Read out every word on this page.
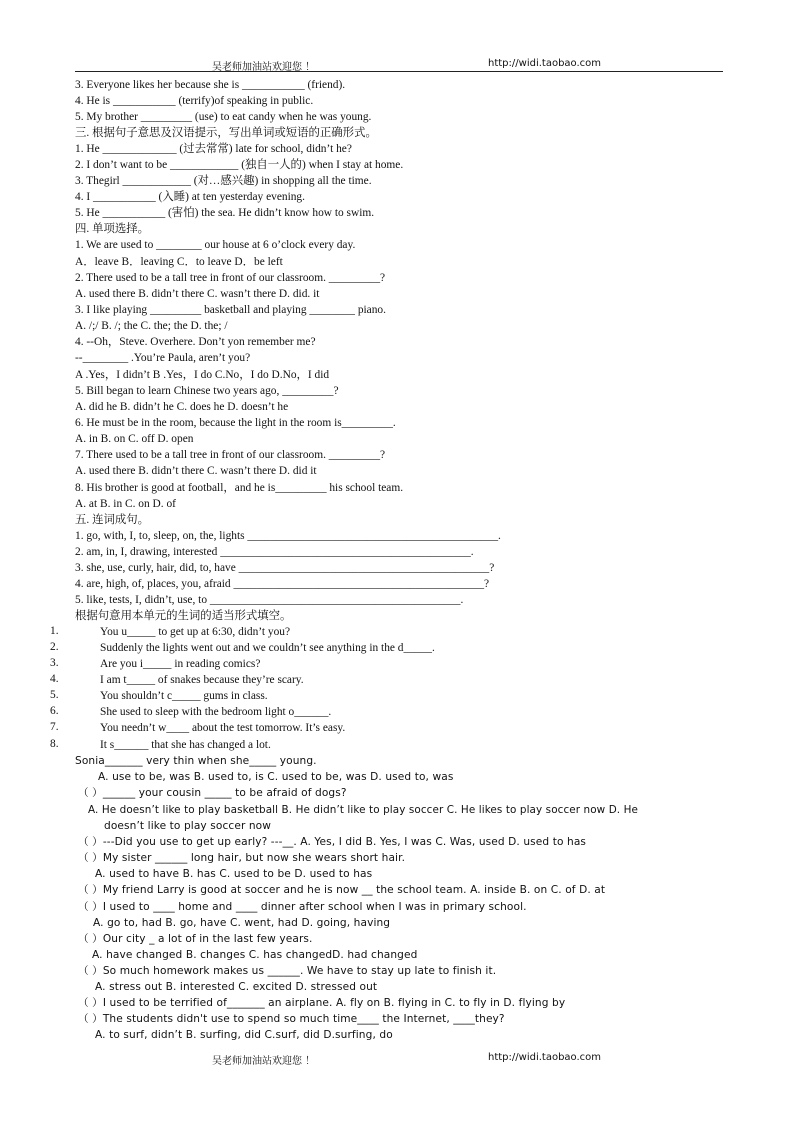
吴老师加油站欢迎您 ！	http://widi.taobao.com
3. Everyone likes her because she is ___________ (friend).
4. He is ___________ (terrify)of speaking in public.
5. My brother _________ (use) to eat candy when he was young.
三. 根据句子意思及汉语提示，写出单词或短语的正确形式。
1. He _____________ (过去常常) late for school, didn’t he?
2. I don’t want to be ____________ (独自一人的) when I stay at home.
3. Thegirl ____________ (对…感兴趣) in shopping all the time.
4. I ___________ (入睡) at ten yesterday evening.
5. He ___________ (害怕) the sea. He didn’t know how to swim.
四. 单项选择。
1. We are used to ________ our house at 6 o’clock every day.
A．leave B．leaving C．to leave D．be left
2. There used to be a tall tree in front of our classroom. _________?
A. used there B. didn’t there C. wasn’t there D. did. it
3. I like playing _________ basketball and playing ________ piano.
A. /;/ B. /; the C. the; the D. the; /
4. --Oh，Steve. Overhere. Don’t yon remember me?
--________ .You’re Paula, aren’t you?
A .Yes，I didn’t B .Yes，I do C.No，I do D.No，I did
5. Bill began to learn Chinese two years ago, _________?
A. did he B. didn’t he C. does he D. doesn’t he
6. He must be in the room, because the light in the room is_________.
A. in B. on C. off D. open
7. There used to be a tall tree in front of our classroom. _________?
A. used there B. didn’t there C. wasn’t there D. did it
8. His brother is good at football，and he is_________ his school team.
A. at B. in C. on D. of
五. 连词成句。
1. go, with, I, to, sleep, on, the, lights ____________________________________________.
2. am, in, I, drawing, interested ____________________________________________.
3. she, use, curly, hair, did, to, have ____________________________________________?
4. are, high, of, places, you, afraid ____________________________________________?
5. like, tests, I, didn’t, use, to ____________________________________________.
根据句意用本单元的生词的适当形式填空。
1.	You u_____ to get up at 6:30, didn’t you?
2.	Suddenly the lights went out and we couldn’t see anything in the d_____.
3.	Are you i_____ in reading comics?
4.	I am t_____ of snakes because they’re scary.
5.	You shouldn’t c_____ gums in class.
6.	She used to sleep with the bedroom light o______.
7.	You needn’t w____ about the test tomorrow. It’s easy.
8.	It s______ that she has changed a lot.
Sonia_______ very thin when she_____ young.
A. use to be, was B. used to, is C. used to be, was D. used to, was
（ ）______ your cousin _____ to be afraid of dogs?
A. He doesn’t like to play basketball B. He didn’t like to play soccer C. He likes to play soccer now D. He
doesn’t like to play soccer now
（ ）---Did you use to get up early? ---__. A. Yes, I did B. Yes, I was C. Was, used D. used to has
（ ）My sister ______ long hair, but now she wears short hair.
A. used to have B. has C. used to be D. used to has
（ ）My friend Larry is good at soccer and he is now __ the school team. A. inside B. on C. of D. at
（ ）I used to ____ home and ____ dinner after school when I was in primary school.
A. go to, had B. go, have C. went, had D. going, having
（ ）Our city _ a lot of in the last few years.
A. have changed B. changes C. has changedD. had changed
（ ）So much homework makes us ______. We have to stay up late to finish it.
A. stress out B. interested C. excited D. stressed out
（ ）I used to be terrified of_______ an airplane. A. fly on B. flying in C. to fly in D. flying by
（ ）The students didn't use to spend so much time____ the Internet, ____they?
A. to surf, didn’t B. surfing, did C.surf, did D.surfing, do
吴老师加油站欢迎您 ！	http://widi.taobao.com
